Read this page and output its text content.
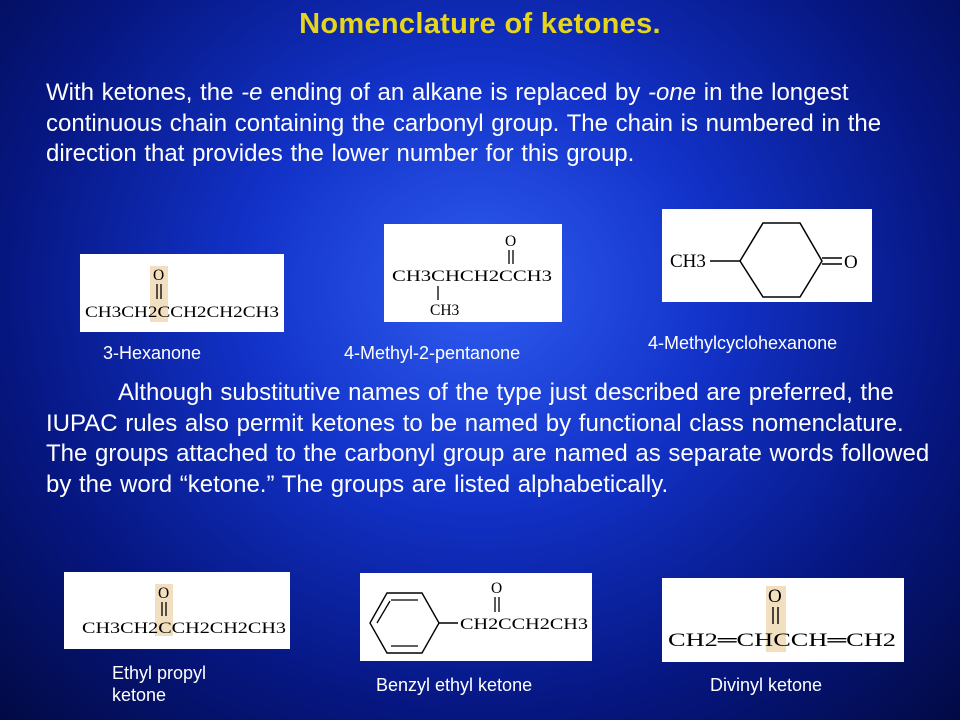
Nomenclature of ketones.
With ketones, the -e ending of an alkane is replaced by -one in the longest continuous chain containing the carbonyl group. The chain is numbered in the direction that provides the lower number for this group.
O
CH3CH2CCH2CH2CH3
3-Hexanone
O
CH3CHCH2CCH3
CH3
4-Methyl-2-pentanone
CH3	O
4-Methylcyclohexanone
Although substitutive names of the type just described are preferred, the IUPAC rules also permit ketones to be named by functional class nomenclature. The groups attached to the carbonyl group are named as separate words followed by the word “ketone.” The groups are listed alphabetically.
O
CH3CH2CCH2CH2CH3
Ethyl propyl ketone
O
CH2CCH2CH3
Benzyl ethyl ketone
O
CH2═CHCCH═CH2
Divinyl ketone
